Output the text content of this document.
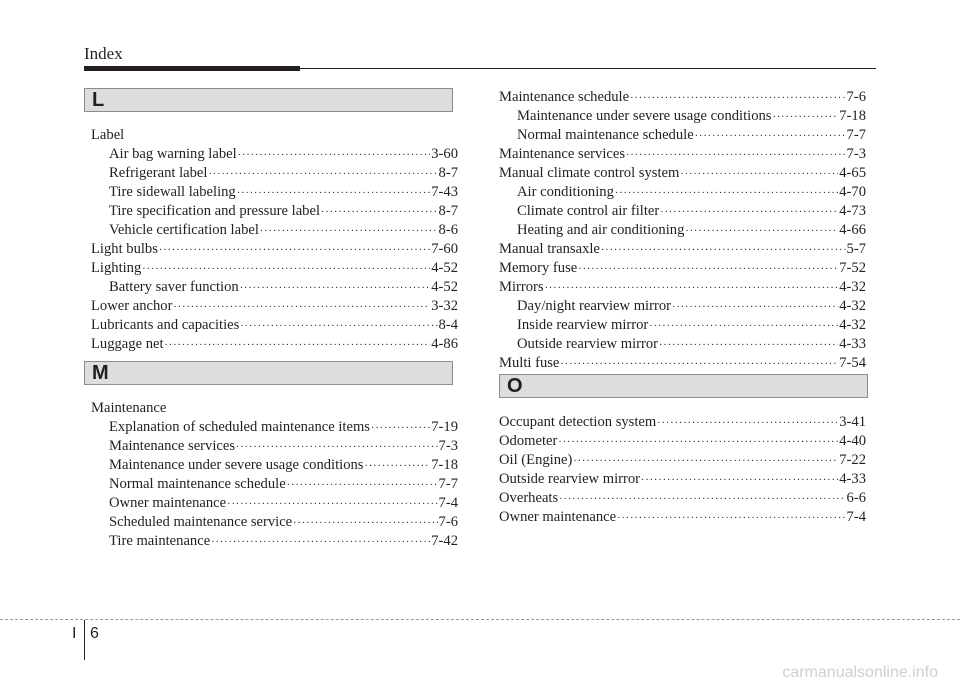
Index
L
Label
Air bag warning label ·····	3-60
Refrigerant label ·····	8-7
Tire sidewall labeling ·····	7-43
Tire specification and pressure label ·····	8-7
Vehicle certification label ·····	8-6
Light bulbs ·····	7-60
Lighting ·····	4-52
Battery saver function ·····	4-52
Lower anchor ·····	3-32
Lubricants and capacities ·····	8-4
Luggage net ·····	4-86
M
Maintenance
Explanation of scheduled maintenance items ·····	7-19
Maintenance services ·····	7-3
Maintenance under severe usage conditions ·····	7-18
Normal maintenance schedule ·····	7-7
Owner maintenance ·····	7-4
Scheduled maintenance service ·····	7-6
Tire maintenance ·····	7-42
Maintenance schedule ·····	7-6
Maintenance under severe usage conditions ·····	7-18
Normal maintenance schedule ·····	7-7
Maintenance services ·····	7-3
Manual climate control system ·····	4-65
Air conditioning ·····	4-70
Climate control air filter ·····	4-73
Heating and air conditioning ·····	4-66
Manual transaxle ·····	5-7
Memory fuse ·····	7-52
Mirrors ·····	4-32
Day/night rearview mirror ·····	4-32
Inside rearview mirror ·····	4-32
Outside rearview mirror ·····	4-33
Multi fuse ·····	7-54
O
Occupant detection system ·····	3-41
Odometer ·····	4-40
Oil (Engine) ·····	7-22
Outside rearview mirror ·····	4-33
Overheats ·····	6-6
Owner maintenance ·····	7-4
I 6
carmanualsonline.info
